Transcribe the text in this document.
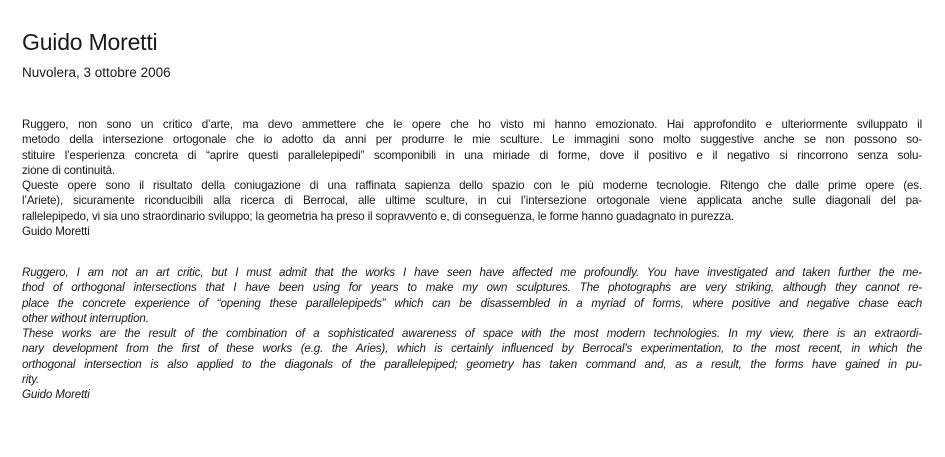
Guido Moretti

Nuvolera, 3 ottobre 2006

Ruggero, non sono un critico d’arte, ma devo ammettere che le opere che ho visto mi hanno emozionato. Hai approfondito e ulteriormente sviluppato il
metodo della intersezione ortogonale che io adotto da anni per produrre le mie sculture. Le immagini sono molto suggestive anche se non possono so-
stituire l’esperienza concreta di “aprire questi parallelepipedi” scomponibili in una miriade di forme, dove il positivo e il negativo si rincorrono senza solu-
zione di continuità.
Queste opere sono il risultato della coniugazione di una raffinata sapienza dello spazio con le più moderne tecnologie. Ritengo che dalle prime opere (es.
l’Ariete), sicuramente riconducibili alla ricerca di Berrocal, alle ultime sculture, in cui l’intersezione ortogonale viene applicata anche sulle diagonali del pa-
rallelepipedo, vi sia uno straordinario sviluppo; la geometria ha preso il sopravvento e, di conseguenza, le forme hanno guadagnato in purezza.
Guido Moretti
Ruggero, I am not an art critic, but I must admit that the works I have seen have affected me profoundly. You have investigated and taken further the me-
thod of orthogonal intersections that I have been using for years to make my own sculptures. The photographs are very striking, although they cannot re-
place the concrete experience of “opening these parallelepipeds” which can be disassembled in a myriad of forms, where positive and negative chase each
other without interruption.
These works are the result of the combination of a sophisticated awareness of space with the most modern technologies. In my view, there is an extraordi-
nary development from the first of these works (e.g. the Aries), which is certainly influenced by Berrocal’s experimentation, to the most recent, in which the
orthogonal intersection is also applied to the diagonals of the parallelepiped; geometry has taken command and, as a result, the forms have gained in pu-
rity.
Guido Moretti
